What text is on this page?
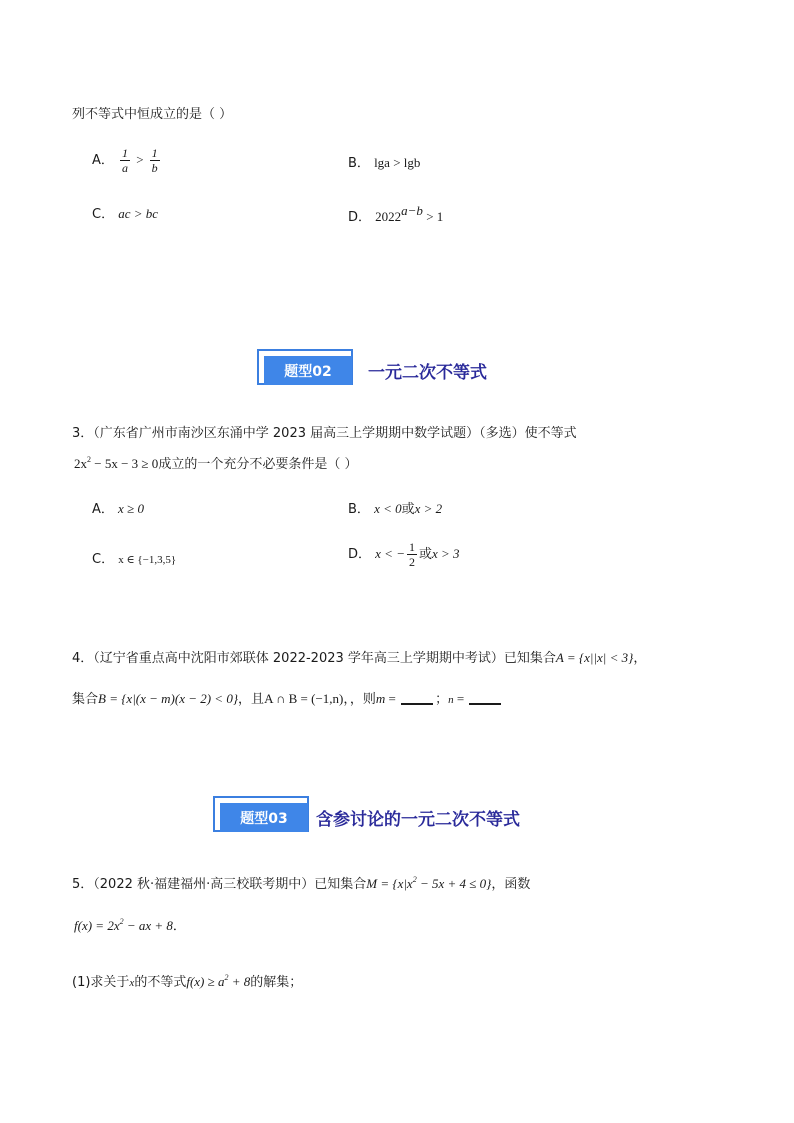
列不等式中恒成立的是（ ）
A． $\frac{1}{a} > \frac{1}{b}$	B． lga > lgb
C． ac > bc	D． $2022^{a-b} > 1$
题型02	一元二次不等式
3．（广东省广州市南沙区东涌中学 2023 届高三上学期期中数学试题）（多选）使不等式
$2x^2 - 5x - 3 \ge 0$成立的一个充分不必要条件是（ ）
A． x ≥ 0	B． x < 0或x > 2
C． x ∈ {−1,3,5}	D． x < − $\frac{1}{2}$ 或x > 3
4．（辽宁省重点高中沈阳市郊联体 2022-2023 学年高三上学期期中考试）已知集合A = {x||x| < 3}，
集合B = {x|(x − m)(x − 2) < 0}，且A ∩ B = (−1,n)，，则m =	；n =
题型03	含参讨论的一元二次不等式
5．（2022 秋·福建福州·高三校联考期中）已知集合$M = \{x|x^2 - 5x + 4 \le 0\}$，函数
$f(x) = 2x^2$ − ax + 8．
(1)求关于x的不等式$f(x) \ge a^2 + 8$的解集；
